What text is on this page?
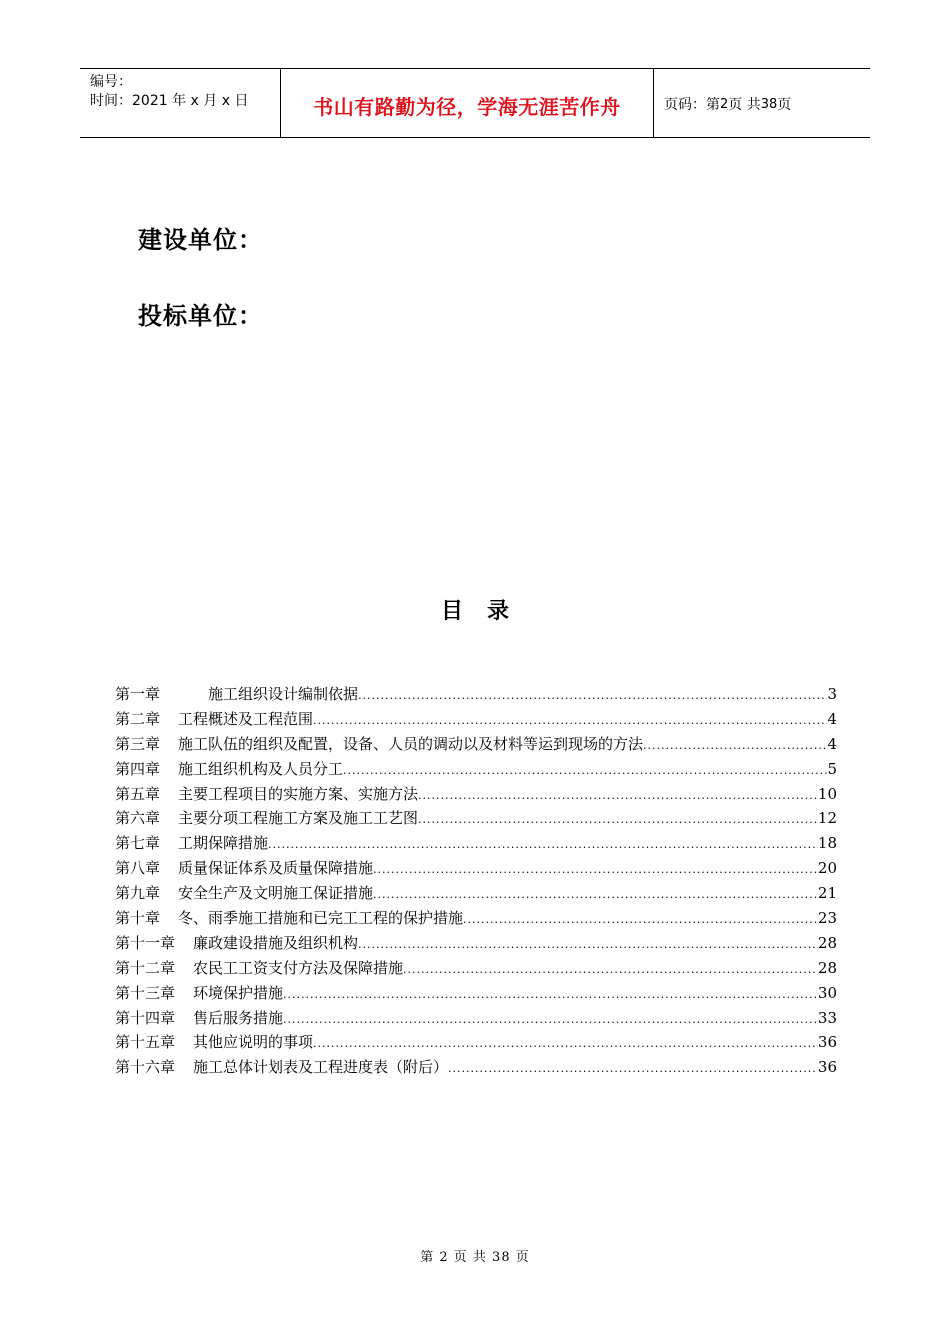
编号：
时间：2021 年 x 月 x 日	书山有路勤为径，学海无涯苦作舟	页码：第 2 页 共 38 页
建设单位：
投标单位：
目录
第一章	施工组织设计编制依据 .....	3
第二章 工程概述及工程范围 .....	4
第三章 施工队伍的组织及配置，设备、人员的调动以及材料等运到现场的方法 .....	4
第四章 施工组织机构及人员分工 .....	5
第五章 主要工程项目的实施方案、实施方法 .....	10
第六章 主要分项工程施工方案及施工工艺图 .....	12
第七章 工期保障措施 .....	18
第八章 质量保证体系及质量保障措施 .....	20
第九章 安全生产及文明施工保证措施 .....	21
第十章 冬、雨季施工措施和已完工工程的保护措施 .....	23
第十一章 廉政建设措施及组织机构 .....	28
第十二章 农民工工资支付方法及保障措施 .....	28
第十三章 环境保护措施 .....	30
第十四章 售后服务措施 .....	33
第十五章 其他应说明的事项 .....	36
第十六章 施工总体计划表及工程进度表（附后） .....	36
第 2 页 共 38 页
